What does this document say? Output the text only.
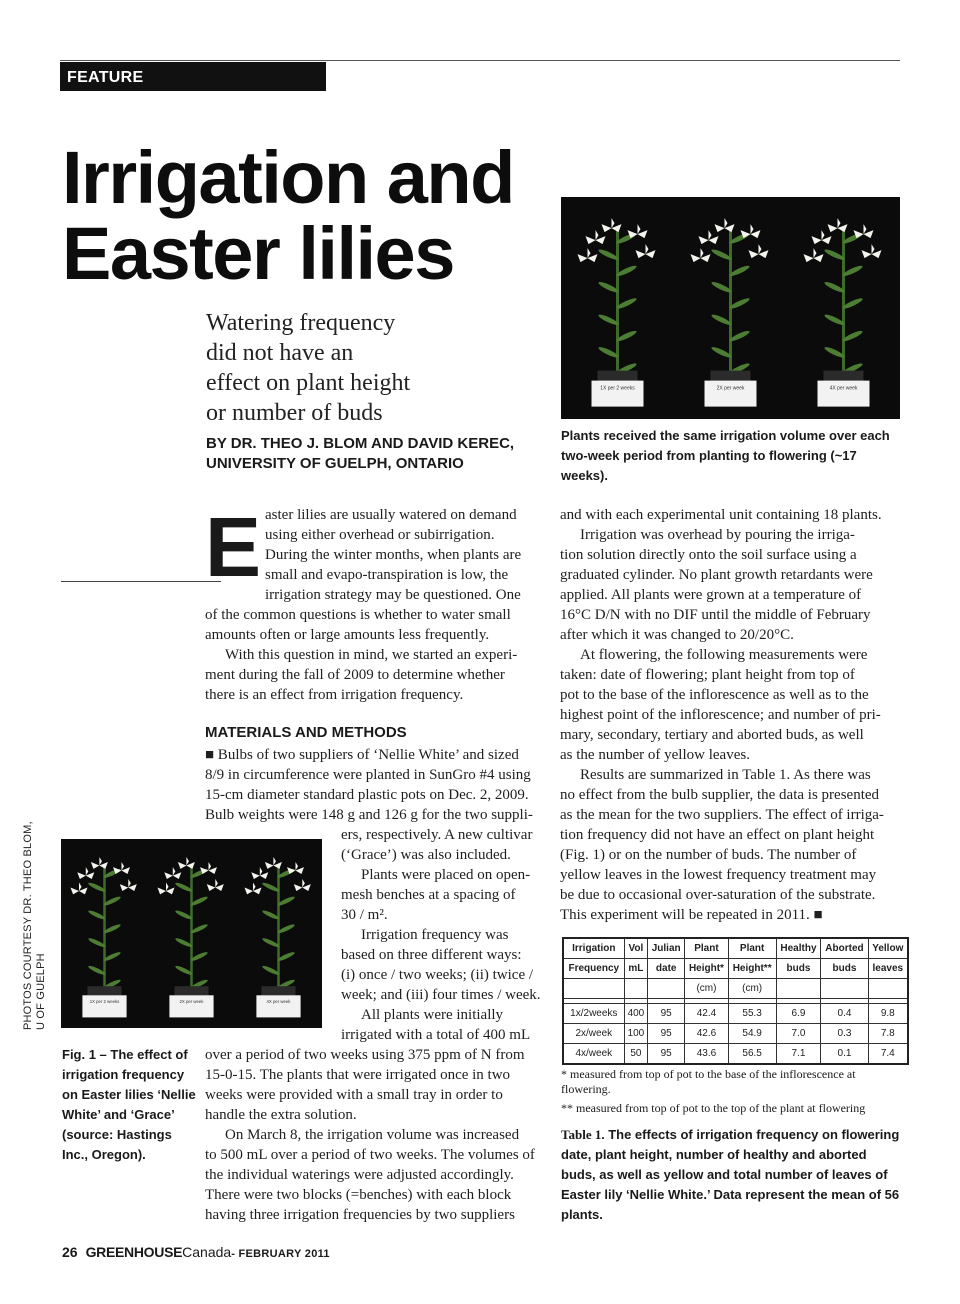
FEATURE
Irrigation and
Easter lilies
Watering frequency
did not have an
effect on plant height
or number of buds
BY DR. THEO J. BLOM AND DAVID KEREC,
UNIVERSITY OF GUELPH, ONTARIO
1X per 2 weeks	2X per week	4X per week
Plants received the same irrigation volume over each two-week period from planting to flowering (~17 weeks).
1X per 2 weeks	2X per week	4X per week
PHOTOS COURTESY DR. THEO BLOM, U OF GUELPH
Fig. 1 – The effect of irrigation frequency on Easter lilies ‘Nellie White’ and ‘Grace’ (source: Hastings Inc., Oregon).
E aster lilies are usually watered on demand
using either overhead or subirrigation.
During the winter months, when plants are
small and evapo-transpiration is low, the
irrigation strategy may be questioned. One
of the common questions is whether to water small
amounts often or large amounts less frequently.
With this question in mind, we started an experi-
ment during the fall of 2009 to determine whether
there is an effect from irrigation frequency.
MATERIALS AND METHODS
■ Bulbs of two suppliers of ‘Nellie White’ and sized
8/9 in circumference were planted in SunGro #4 using
15-cm diameter standard plastic pots on Dec. 2, 2009.
Bulb weights were 148 g and 126 g for the two suppli-
ers, respectively. A new cultivar
(‘Grace’) was also included.
Plants were placed on open-
mesh benches at a spacing of
30 / m².
Irrigation frequency was
based on three different ways:
(i) once / two weeks; (ii) twice /
week; and (iii) four times / week.
All plants were initially
irrigated with a total of 400 mL
over a period of two weeks using 375 ppm of N from
15-0-15. The plants that were irrigated once in two
weeks were provided with a small tray in order to
handle the extra solution.
On March 8, the irrigation volume was increased
to 500 mL over a period of two weeks. The volumes of
the individual waterings were adjusted accordingly.
There were two blocks (=benches) with each block
having three irrigation frequencies by two suppliers
and with each experimental unit containing 18 plants.
Irrigation was overhead by pouring the irriga-
tion solution directly onto the soil surface using a
graduated cylinder. No plant growth retardants were
applied. All plants were grown at a temperature of
16°C D/N with no DIF until the middle of February
after which it was changed to 20/20°C.
At flowering, the following measurements were
taken: date of flowering; plant height from top of
pot to the base of the inflorescence as well as to the
highest point of the inflorescence; and number of pri-
mary, secondary, tertiary and aborted buds, as well
as the number of yellow leaves.
Results are summarized in Table 1. As there was
no effect from the bulb supplier, the data is presented
as the mean for the two suppliers. The effect of irriga-
tion frequency did not have an effect on plant height
(Fig. 1) or on the number of buds. The number of
yellow leaves in the lowest frequency treatment may
be due to occasional over-saturation of the substrate.
This experiment will be repeated in 2011. ■
Irrigation	Vol	Julian	Plant	Plant	Healthy	Aborted	Yellow
Frequency	mL	date	Height*	Height**	buds	buds	leaves
			(cm)	(cm)			

1x/2weeks	400	95	42.4	55.3	6.9	0.4	9.8
2x/week	100	95	42.6	54.9	7.0	0.3	7.8
4x/week	50	95	43.6	56.5	7.1	0.1	7.4
* measured from top of pot to the base of the inflorescence at flowering.
** measured from top of pot to the top of the plant at flowering
Table 1. The effects of irrigation frequency on flowering date, plant height, number of healthy and aborted buds, as well as yellow and total number of leaves of Easter lily ‘Nellie White.’ Data represent the mean of 56 plants.
26 GREENHOUSECanada- FEBRUARY 2011
